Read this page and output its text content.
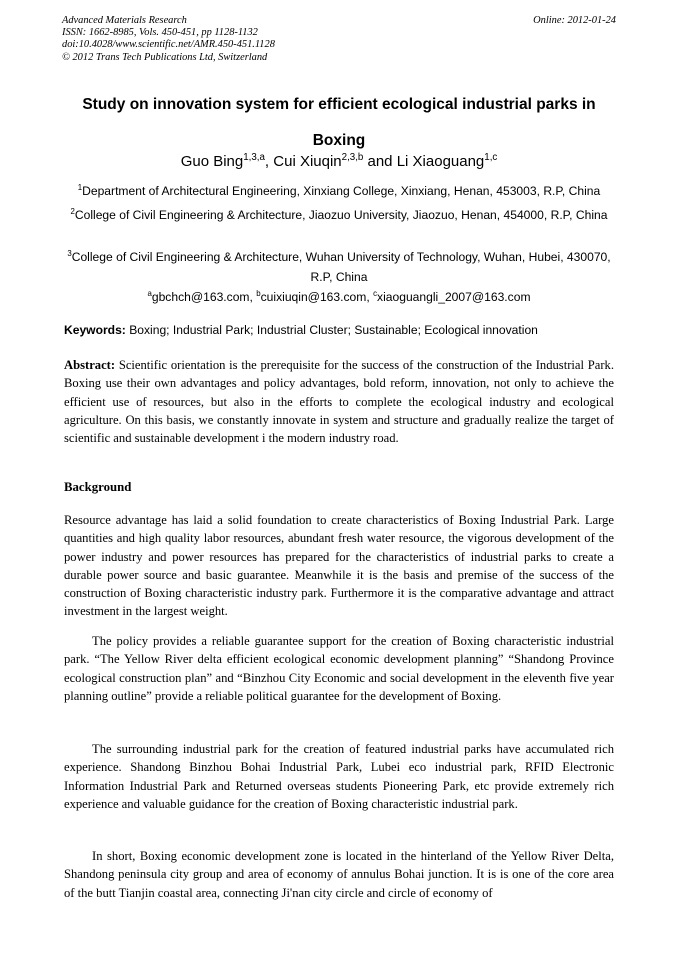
Advanced Materials Research
ISSN: 1662-8985, Vols. 450-451, pp 1128-1132
doi:10.4028/www.scientific.net/AMR.450-451.1128
© 2012 Trans Tech Publications Ltd, Switzerland
Online: 2012-01-24
Study on innovation system for efficient ecological industrial parks in
Boxing
Guo Bing$^{1,3,a}$, Cui Xiuqin$^{2,3,b}$ and Li Xiaoguang$^{1,c}$
$^1$Department of Architectural Engineering, Xinxiang College, Xinxiang, Henan, 453003, R.P, China
$^2$College of Civil Engineering & Architecture, Jiaozuo University, Jiaozuo, Henan, 454000, R.P, China
$^3$College of Civil Engineering & Architecture, Wuhan University of Technology, Wuhan, Hubei, 430070, R.P, China
$^a$gbchch@163.com, $^b$cuixiuqin@163.com, $^c$xiaoguangli_2007@163.com
Keywords: Boxing; Industrial Park; Industrial Cluster; Sustainable; Ecological innovation
Abstract: Scientific orientation is the prerequisite for the success of the construction of the Industrial Park. Boxing use their own advantages and policy advantages, bold reform, innovation, not only to achieve the efficient use of resources, but also in the efforts to complete the ecological industry and ecological agriculture. On this basis, we constantly innovate in system and structure and gradually realize the target of scientific and sustainable development i the modern industry road.
Background
Resource advantage has laid a solid foundation to create characteristics of Boxing Industrial Park. Large quantities and high quality labor resources, abundant fresh water resource, the vigorous development of the power industry and power resources has prepared for the characteristics of industrial parks to create a durable power source and basic guarantee. Meanwhile it is the basis and premise of the success of the construction of Boxing characteristic industry park. Furthermore it is the comparative advantage and attract investment in the largest weight.
The policy provides a reliable guarantee support for the creation of Boxing characteristic industrial park. “The Yellow River delta efficient ecological economic development planning” “Shandong Province ecological construction plan” and “Binzhou City Economic and social development in the eleventh five year planning outline” provide a reliable political guarantee for the development of Boxing.
The surrounding industrial park for the creation of featured industrial parks have accumulated rich experience. Shandong Binzhou Bohai Industrial Park, Lubei eco industrial park, RFID Electronic Information Industrial Park and Returned overseas students Pioneering Park, etc provide extremely rich experience and valuable guidance for the creation of Boxing characteristic industrial park.
In short, Boxing economic development zone is located in the hinterland of the Yellow River Delta, Shandong peninsula city group and area of economy of annulus Bohai junction. It is is one of the core area of the butt Tianjin coastal area, connecting Ji'nan city circle and circle of economy of
